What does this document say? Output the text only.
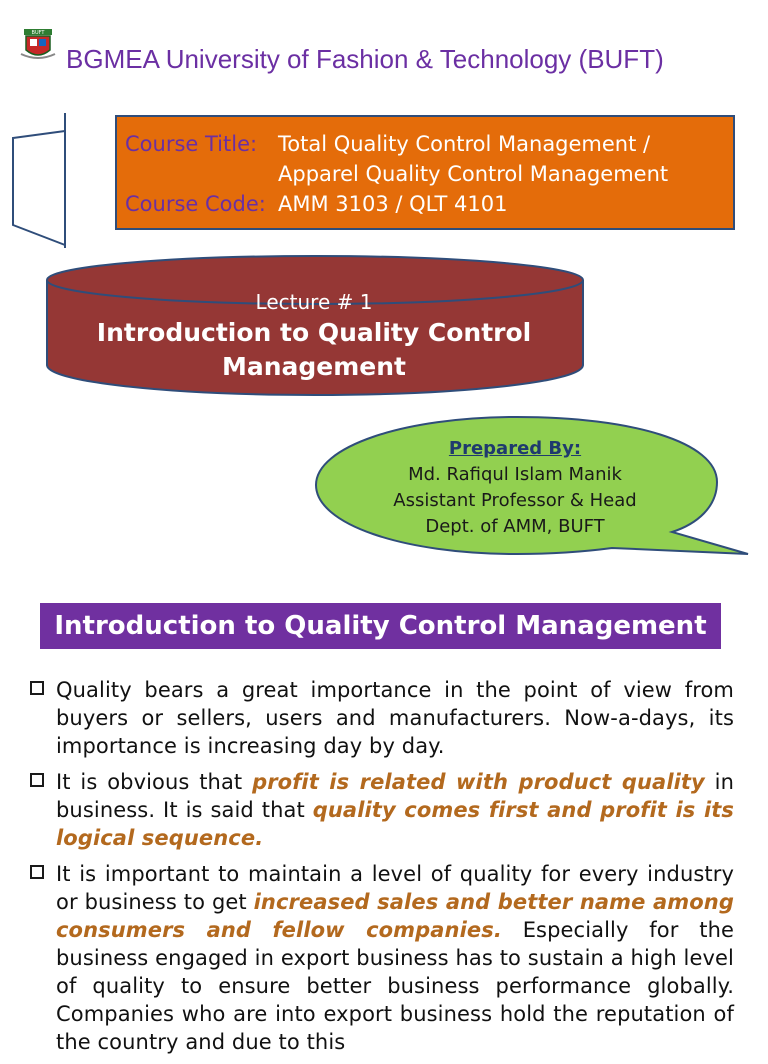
BUFT
BGMEA University of Fashion & Technology (BUFT)
Course Title: Total Quality Control Management /
Apparel Quality Control Management
Course Code: AMM 3103 / QLT 4101
Lecture # 1
Introduction to Quality Control Management
Prepared By:
Md. Rafiqul Islam Manik
Assistant Professor & Head
Dept. of AMM, BUFT
Introduction to Quality Control Management
Quality bears a great importance in the point of view from buyers or sellers, users and manufacturers. Now-a-days, its importance is increasing day by day.
It is obvious that profit is related with product quality in business. It is said that quality comes first and profit is its logical sequence.
It is important to maintain a level of quality for every industry or business to get increased sales and better name among consumers and fellow companies. Especially for the business engaged in export business has to sustain a high level of quality to ensure better business performance globally. Companies who are into export business hold the reputation of the country and due to this
